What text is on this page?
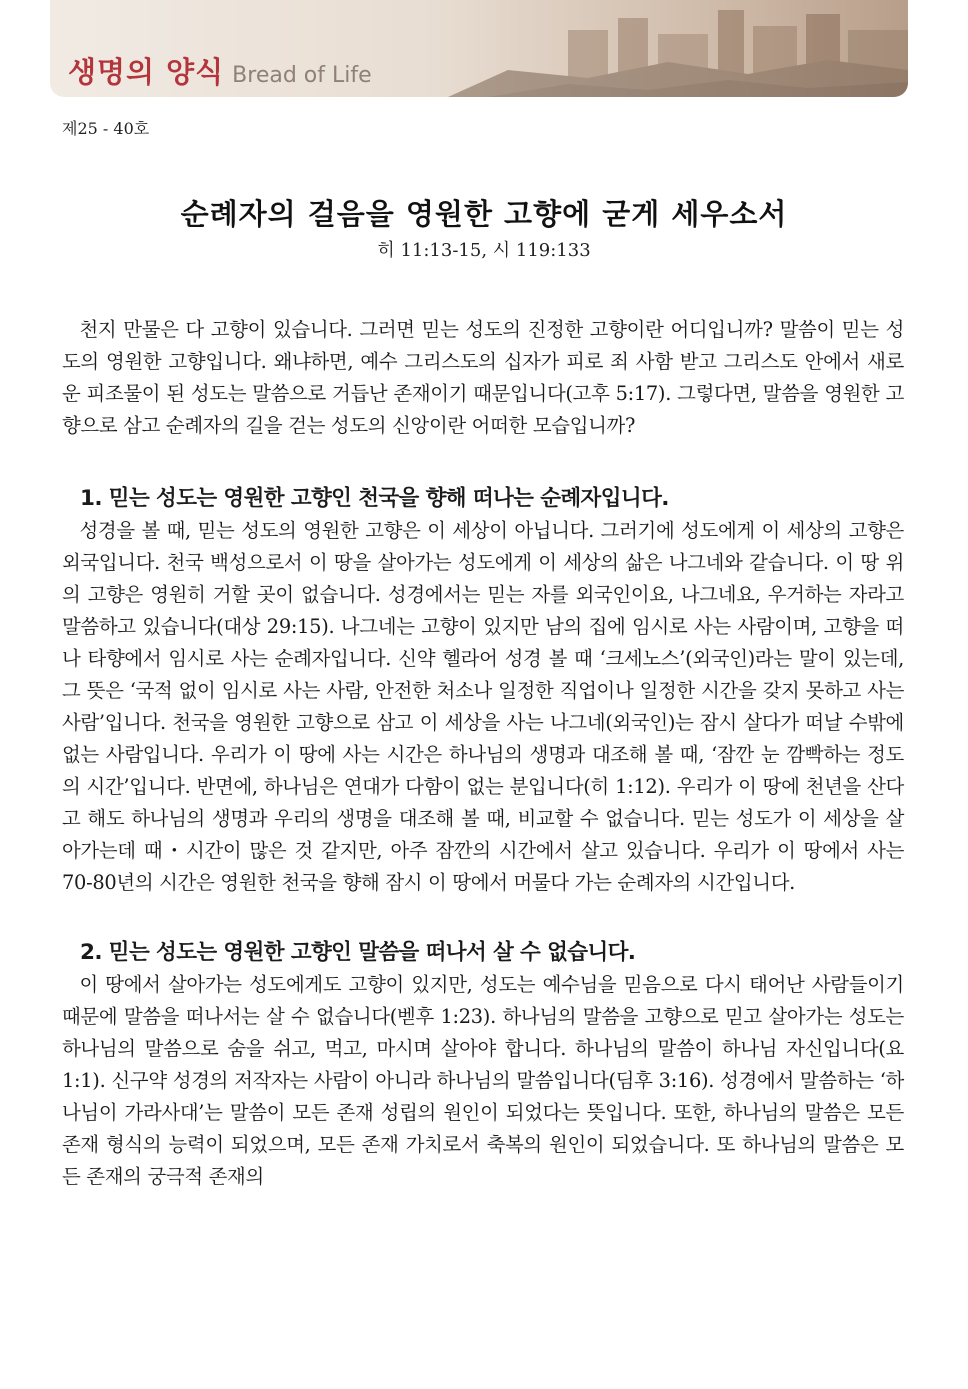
생명의 양식 Bread of Life
제25 - 40호
순례자의 걸음을 영원한 고향에 굳게 세우소서
히 11:13-15, 시 119:133

천지 만물은 다 고향이 있습니다. 그러면 믿는 성도의 진정한 고향이란 어디입니까? 말씀이 믿는 성도의 영원한 고향입니다. 왜냐하면, 예수 그리스도의 십자가 피로 죄 사함 받고 그리스도 안에서 새로운 피조물이 된 성도는 말씀으로 거듭난 존재이기 때문입니다(고후 5:17). 그렇다면, 말씀을 영원한 고향으로 삼고 순례자의 길을 걷는 성도의 신앙이란 어떠한 모습입니까?

1. 믿는 성도는 영원한 고향인 천국을 향해 떠나는 순례자입니다.

성경을 볼 때, 믿는 성도의 영원한 고향은 이 세상이 아닙니다. 그러기에 성도에게 이 세상의 고향은 외국입니다. 천국 백성으로서 이 땅을 살아가는 성도에게 이 세상의 삶은 나그네와 같습니다. 이 땅 위의 고향은 영원히 거할 곳이 없습니다. 성경에서는 믿는 자를 외국인이요, 나그네요, 우거하는 자라고 말씀하고 있습니다(대상 29:15). 나그네는 고향이 있지만 남의 집에 임시로 사는 사람이며, 고향을 떠나 타향에서 임시로 사는 순례자입니다. 신약 헬라어 성경 볼 때 ‘크세노스’(외국인)라는 말이 있는데, 그 뜻은 ‘국적 없이 임시로 사는 사람, 안전한 처소나 일정한 직업이나 일정한 시간을 갖지 못하고 사는 사람’입니다. 천국을 영원한 고향으로 삼고 이 세상을 사는 나그네(외국인)는 잠시 살다가 떠날 수밖에 없는 사람입니다. 우리가 이 땅에 사는 시간은 하나님의 생명과 대조해 볼 때, ‘잠깐 눈 깜빡하는 정도의 시간’입니다. 반면에, 하나님은 연대가 다함이 없는 분입니다(히 1:12). 우리가 이 땅에 천년을 산다고 해도 하나님의 생명과 우리의 생명을 대조해 볼 때, 비교할 수 없습니다. 믿는 성도가 이 세상을 살아가는데 때・시간이 많은 것 같지만, 아주 잠깐의 시간에서 살고 있습니다. 우리가 이 땅에서 사는 70-80년의 시간은 영원한 천국을 향해 잠시 이 땅에서 머물다 가는 순례자의 시간입니다.

2. 믿는 성도는 영원한 고향인 말씀을 떠나서 살 수 없습니다.

이 땅에서 살아가는 성도에게도 고향이 있지만, 성도는 예수님을 믿음으로 다시 태어난 사람들이기 때문에 말씀을 떠나서는 살 수 없습니다(벧후 1:23). 하나님의 말씀을 고향으로 믿고 살아가는 성도는 하나님의 말씀으로 숨을 쉬고, 먹고, 마시며 살아야 합니다. 하나님의 말씀이 하나님 자신입니다(요 1:1). 신구약 성경의 저작자는 사람이 아니라 하나님의 말씀입니다(딤후 3:16). 성경에서 말씀하는 ‘하나님이 가라사대’는 말씀이 모든 존재 성립의 원인이 되었다는 뜻입니다. 또한, 하나님의 말씀은 모든 존재 형식의 능력이 되었으며, 모든 존재 가치로서 축복의 원인이 되었습니다. 또 하나님의 말씀은 모든 존재의 궁극적 존재의
